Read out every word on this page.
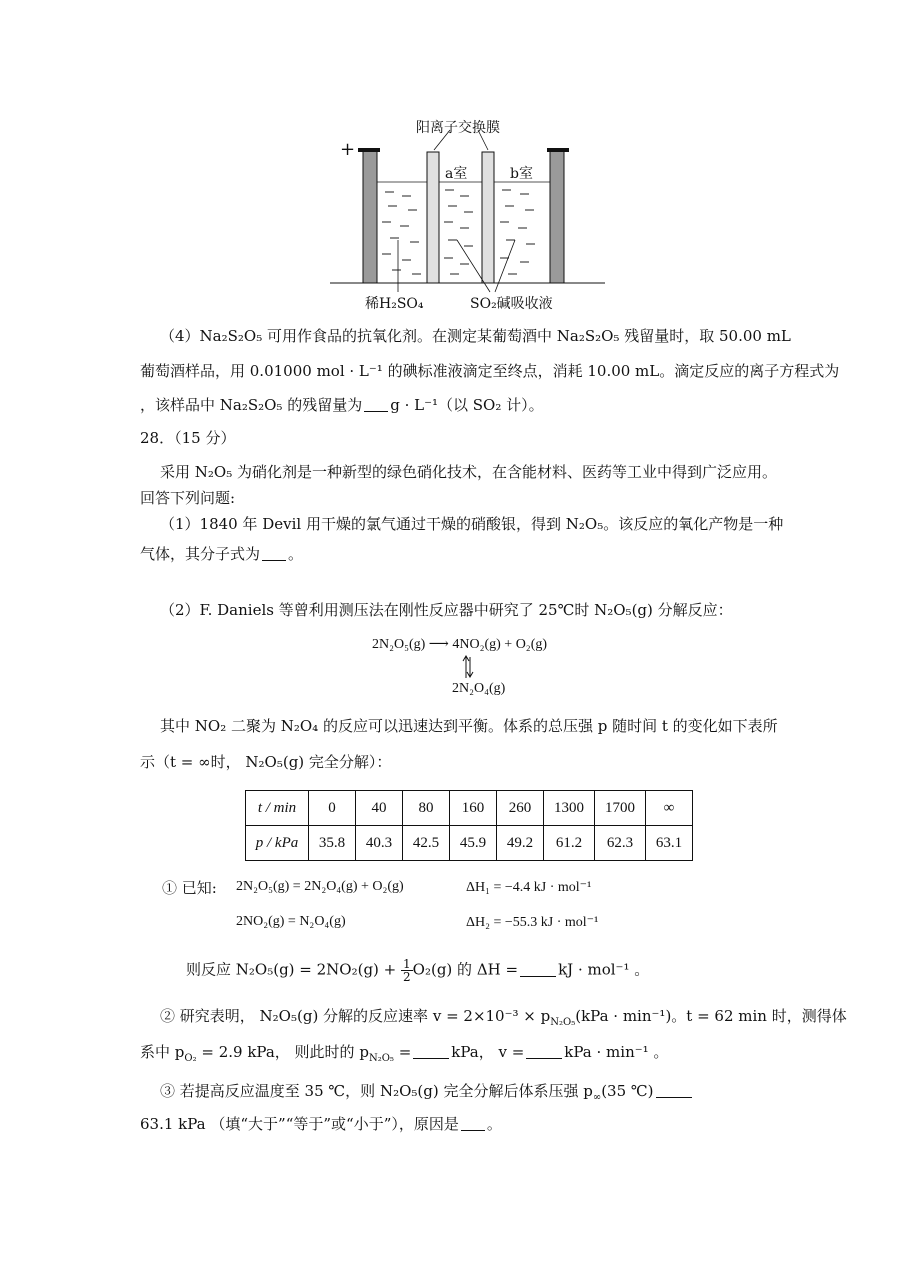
阳离子交换膜
+
a室	b室
稀H₂SO₄	SO₂碱吸收液
（4）Na₂S₂O₅ 可用作食品的抗氧化剂。在测定某葡萄酒中 Na₂S₂O₅ 残留量时，取 50.00 mL
葡萄酒样品，用 0.01000 mol · L⁻¹ 的碘标准液滴定至终点，消耗 10.00 mL。滴定反应的离子方程式为
，该样品中 Na₂S₂O₅ 的残留量为 g · L⁻¹（以 SO₂ 计）。
28．（15 分）
采用 N₂O₅ 为硝化剂是一种新型的绿色硝化技术，在含能材料、医药等工业中得到广泛应用。
回答下列问题:
（1）1840 年 Devil 用干燥的氯气通过干燥的硝酸银，得到 N₂O₅。该反应的氧化产物是一种
气体，其分子式为 。
（2）F. Daniels 等曾利用测压法在刚性反应器中研究了 25℃时 N₂O₅(g) 分解反应：
2N₂O₅(g) ⟶ 4NO₂(g) + O₂(g)
2N₂O₄(g)
其中 NO₂ 二聚为 N₂O₄ 的反应可以迅速达到平衡。体系的总压强 p 随时间 t 的变化如下表所
示（t = ∞时， N₂O₅(g) 完全分解）：
t / min	0	40	80	160	260	1300	1700	∞
p / kPa	35.8	40.3	42.5	45.9	49.2	61.2	62.3	63.1
① 已知: 2N₂O₅(g) = 2N₂O₄(g) + O₂(g)	ΔH₁ = −4.4 kJ · mol⁻¹
2NO₂(g) = N₂O₄(g)	ΔH₂ = −55.3 kJ · mol⁻¹
则反应 $N_2O_5(g) = 2NO_2(g) + \frac{1}{2} O_2(g)$ 的 ΔH =	kJ · mol⁻¹ 。
② 研究表明， N₂O₅(g) 分解的反应速率 $v = 2\times 10^{-3} \times p_{N_2O_5}(kPa \cdot \min^{-1})$。t = 62 min 时，测得体
系中 $p_{O_2} = 2.9$ kPa， 则此时的 $p_{N_2O_5}$ =	kPa， v =	kPa · min⁻¹ 。
③ 若提高反应温度至 35 ℃，则 N₂O₅(g) 完全分解后体系压强 $p_\infty(35$ ℃)
63.1 kPa （填“大于”“等于”或“小于”），原因是 。
